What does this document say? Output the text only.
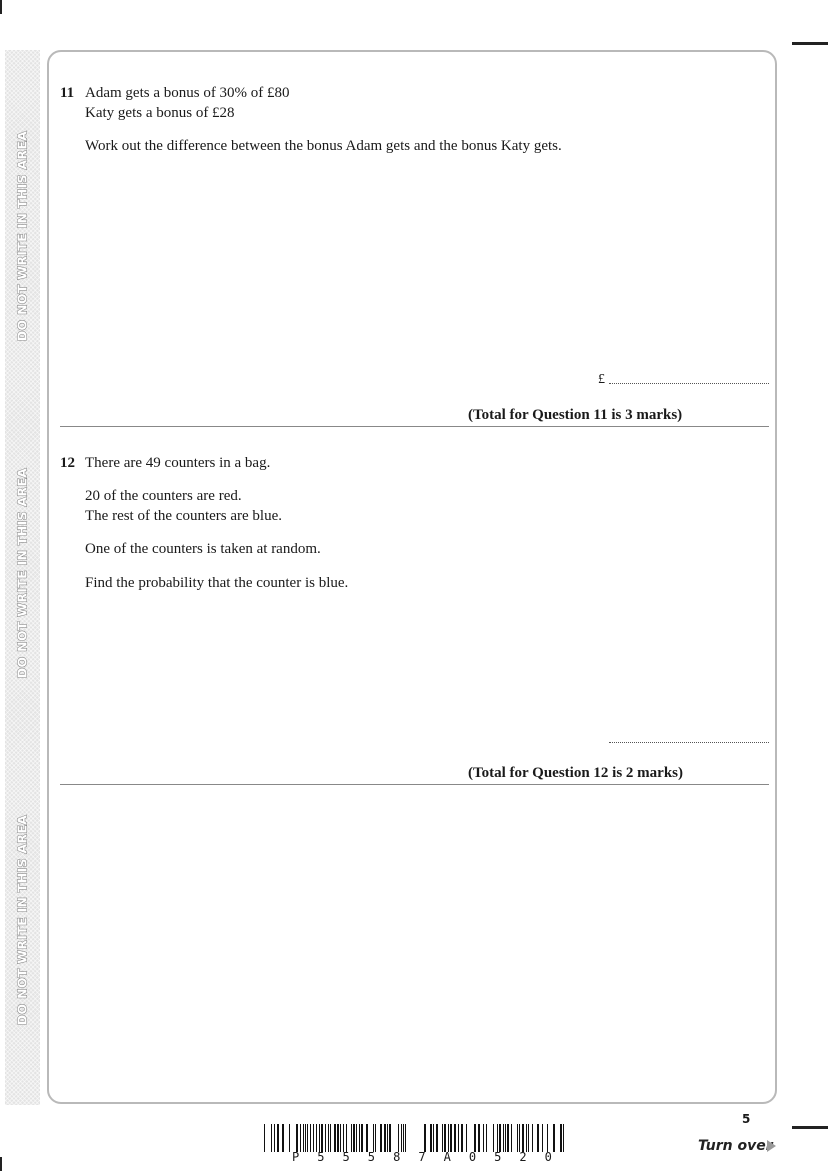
DO NOT WRITE IN THIS AREA
DO NOT WRITE IN THIS AREA
DO NOT WRITE IN THIS AREA
11 Adam gets a bonus of 30% of £80
Katy gets a bonus of £28
Work out the difference between the bonus Adam gets and the bonus Katy gets.
£
(Total for Question 11 is 3 marks)
12 There are 49 counters in a bag.
20 of the counters are red.
The rest of the counters are blue.
One of the counters is taken at random.
Find the probability that the counter is blue.
(Total for Question 12 is 2 marks)
5
P 5 5 5 8 7 A 0 5 2 0
Turn over
